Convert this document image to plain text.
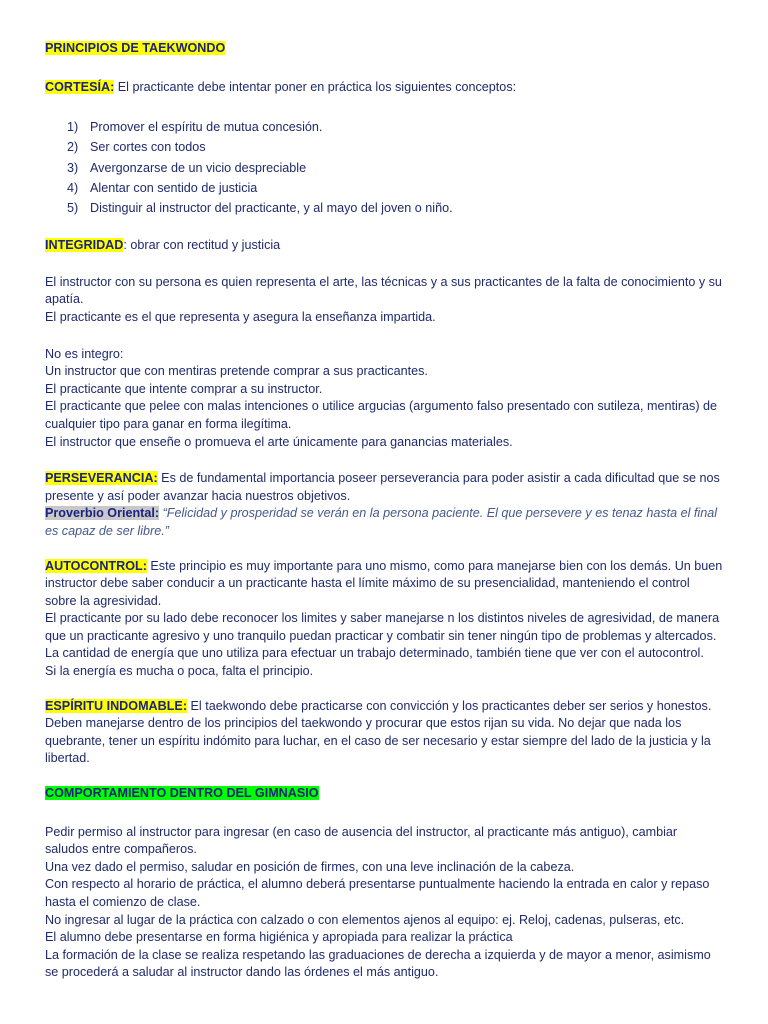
PRINCIPIOS DE TAEKWONDO

CORTESÍA: El practicante debe intentar poner en práctica los siguientes conceptos:

1) Promover el espíritu de mutua concesión.
2) Ser cortes con todos
3) Avergonzarse de un vicio despreciable
4) Alentar con sentido de justicia
5) Distinguir al instructor del practicante, y al mayo del joven o niño.

INTEGRIDAD: obrar con rectitud y justicia

El instructor con su persona es quien representa el arte, las técnicas y a sus practicantes de la falta de conocimiento y su apatía.

El practicante es el que representa y asegura la enseñanza impartida.

No es integro:

Un instructor que con mentiras pretende comprar a sus practicantes.

El practicante que intente comprar a su instructor.

El practicante que pelee con malas intenciones o utilice argucias (argumento falso presentado con sutileza, mentiras) de cualquier tipo para ganar en forma ilegítima.

El instructor que enseñe o promueva el arte únicamente para ganancias materiales.

PERSEVERANCIA: Es de fundamental importancia poseer perseverancia para poder asistir a cada dificultad que se nos presente y así poder avanzar hacia nuestros objetivos.

Proverbio Oriental: “Felicidad y prosperidad se verán en la persona paciente. El que persevere y es tenaz hasta el final es capaz de ser libre.”

AUTOCONTROL: Este principio es muy importante para uno mismo, como para manejarse bien con los demás. Un buen instructor debe saber conducir a un practicante hasta el límite máximo de su presencialidad, manteniendo el control sobre la agresividad.

El practicante por su lado debe reconocer los limites y saber manejarse n los distintos niveles de agresividad, de manera que un practicante agresivo y uno tranquilo puedan practicar y combatir sin tener ningún tipo de problemas y altercados.

La cantidad de energía que uno utiliza para efectuar un trabajo determinado, también tiene que ver con el autocontrol.

Si la energía es mucha o poca, falta el principio.

ESPÍRITU INDOMABLE: El taekwondo debe practicarse con convicción y los practicantes deber ser serios y honestos.

Deben manejarse dentro de los principios del taekwondo y procurar que estos rijan su vida. No dejar que nada los quebrante, tener un espíritu indómito para luchar, en el caso de ser necesario y estar siempre del lado de la justicia y la libertad.

COMPORTAMIENTO DENTRO DEL GIMNASIO

Pedir permiso al instructor para ingresar (en caso de ausencia del instructor, al practicante más antiguo), cambiar saludos entre compañeros.

Una vez dado el permiso, saludar en posición de firmes, con una leve inclinación de la cabeza.

Con respecto al horario de práctica, el alumno deberá presentarse puntualmente haciendo la entrada en calor y repaso hasta el comienzo de clase.

No ingresar al lugar de la práctica con calzado o con elementos ajenos al equipo: ej. Reloj, cadenas, pulseras, etc.

El alumno debe presentarse en forma higiénica y apropiada para realizar la práctica

La formación de la clase se realiza respetando las graduaciones de derecha a izquierda y de mayor a menor, asimismo se procederá a saludar al instructor dando las órdenes el más antiguo.
